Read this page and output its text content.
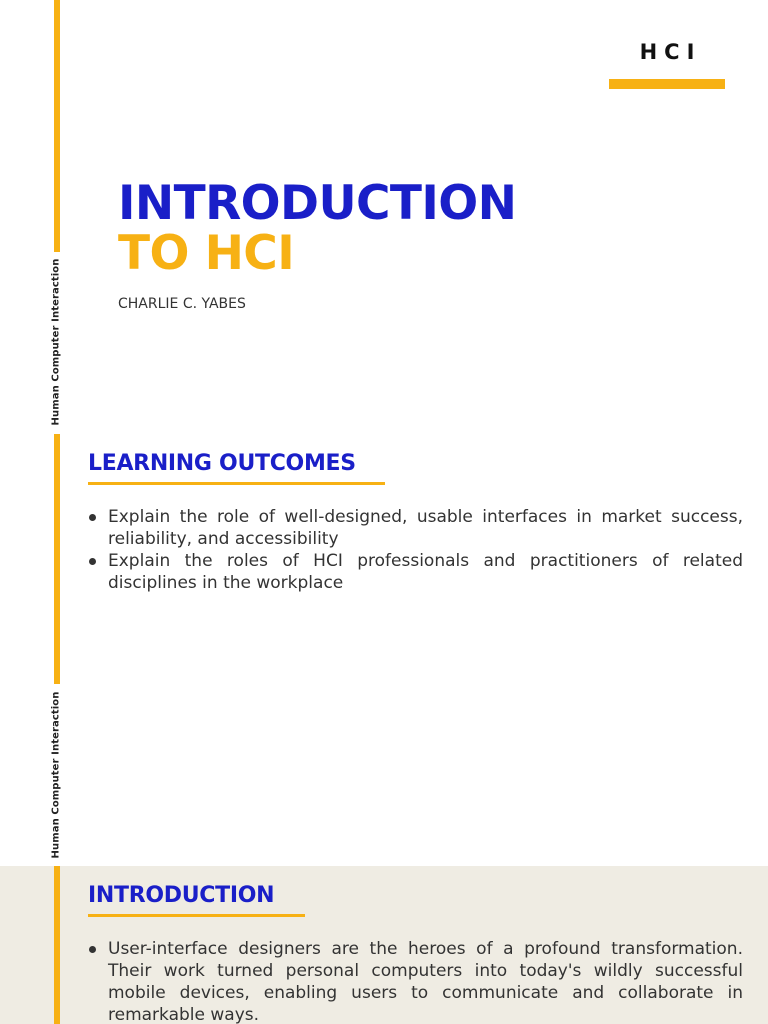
Human Computer Interaction
Human Computer Interaction
HCI
INTRODUCTION
TO HCI
CHARLIE C. YABES
LEARNING OUTCOMES
Explain the role of well-designed, usable interfaces in market success, reliability, and accessibility
Explain the roles of HCI professionals and practitioners of related disciplines in the workplace
INTRODUCTION
User-interface designers are the heroes of a profound transformation. Their work turned personal computers into today's wildly successful mobile devices, enabling users to communicate and collaborate in remarkable ways.
